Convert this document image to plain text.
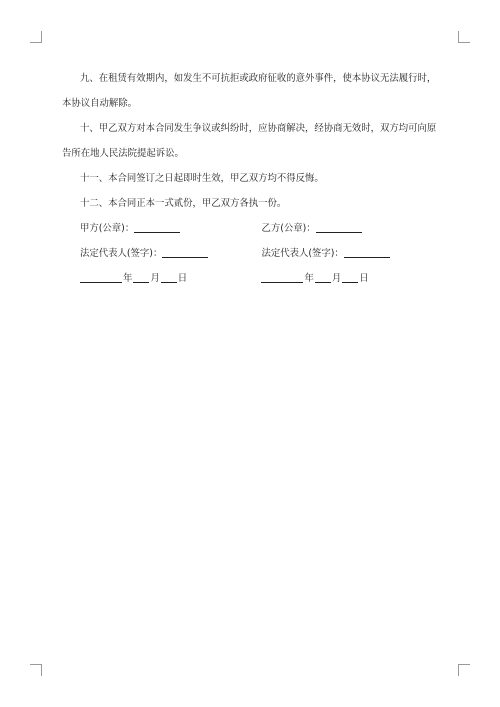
九、在租赁有效期内，如发生不可抗拒或政府征收的意外事件，使本协议无法履行时，本协议自动解除。

十、甲乙双方对本合同发生争议或纠纷时，应协商解决，经协商无效时，双方均可向原告所在地人民法院提起诉讼。

十一、本合同签订之日起即时生效，甲乙双方均不得反悔。

十二、本合同正本一式贰份，甲乙双方各执一份。

甲方(公章)：	乙方(公章)：
法定代表人(签字)：	法定代表人(签字)：
年 月 日	年 月 日
